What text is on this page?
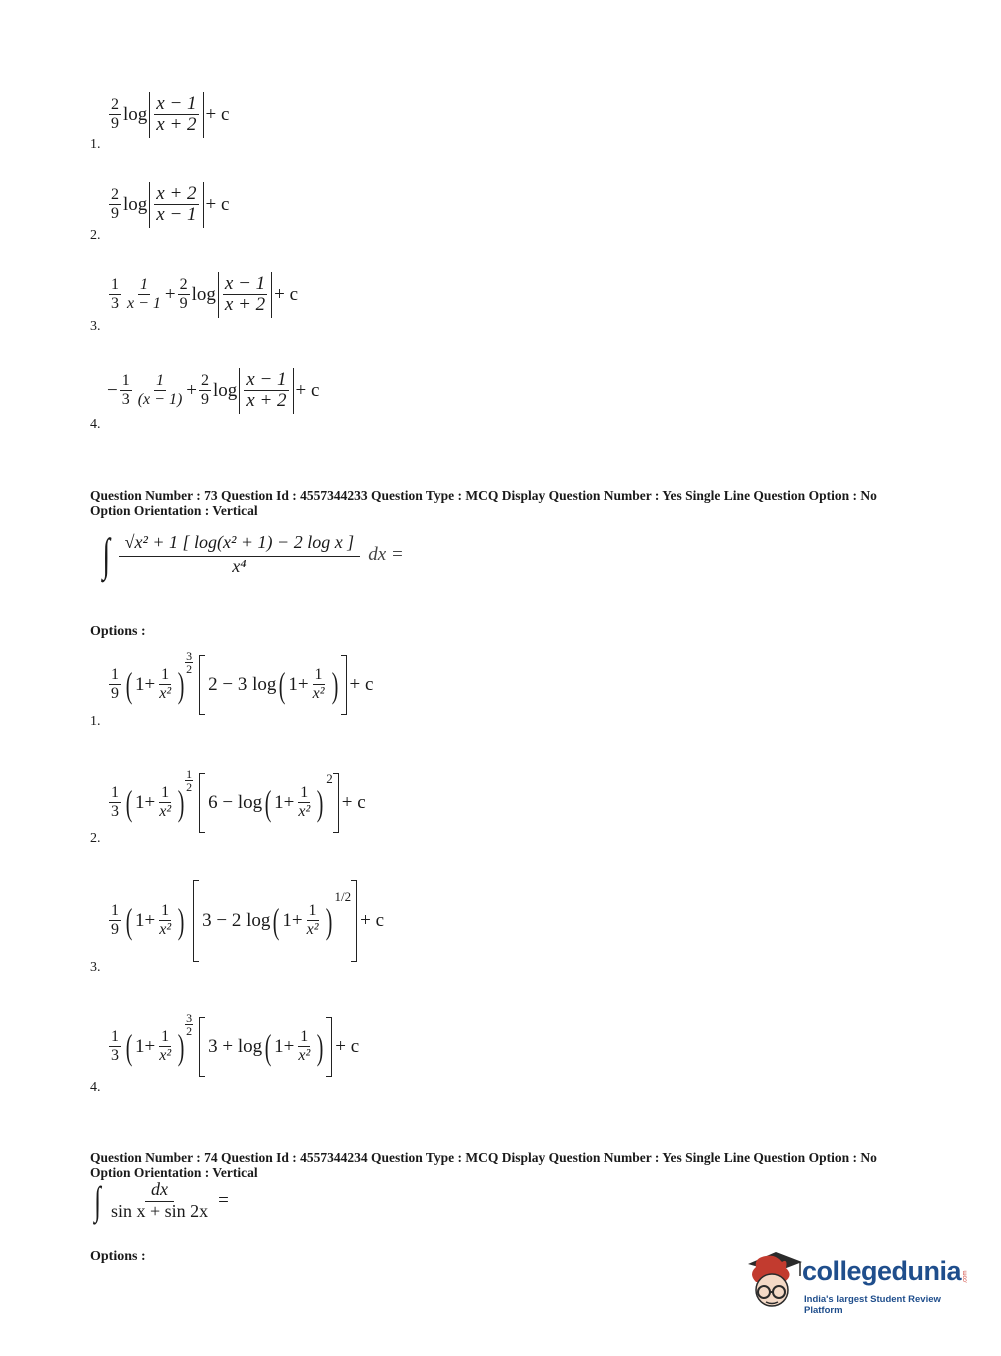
1.
$\frac{2}{9}$ $\log \frac{x - 1}{x + 2} + c$
2.
$\frac{2}{9}$ $\log \frac{x + 2}{x - 1} + c$
3.
$\frac{1}{3} \frac{1}{x - 1} + \frac{2}{9}$ $\log \frac{x - 1}{x + 2} + c$
4.
− $\frac{1}{3} \frac{1}{(x - 1)} + \frac{2}{9}$ $\log \frac{x - 1}{x + 2} + c$
Question Number : 73 Question Id : 4557344233 Question Type : MCQ Display Question Number : Yes Single Line Question Option : No Option Orientation : Vertical
∫ $\frac{\text{√x² + 1 [ log(x² + 1) − 2 log x ]}}{\text{x⁴}}$ dx =
Options :
1.
$\frac{1}{9}$ ( $1 + \frac{1}{\text{x²}}$ )
3
2
2 − 3 log ( $1 + \frac{1}{\text{x²}}$ ) + c
2.
$\frac{1}{3}$ ( $1 + \frac{1}{\text{x²}}$ )
1
2
6 − log ( $1 + \frac{1}{\text{x²}}$ )
2
+ c
3.
$\frac{1}{9}$ ( $1 + \frac{1}{\text{x²}}$ ) 3 − 2 log ( $1 + \frac{1}{\text{x²}}$ )
1/2
+ c
4.
$\frac{1}{3}$ ( $1 + \frac{1}{\text{x²}}$ )
3
2
3 + log ( $1 + \frac{1}{\text{x²}}$ ) + c
Question Number : 74 Question Id : 4557344234 Question Type : MCQ Display Question Number : Yes Single Line Question Option : No Option Orientation : Vertical
∫ $\frac{dx}{\text{sin x + sin 2x}}$ =
Options :	collegedunia .com
India's largest Student Review Platform
